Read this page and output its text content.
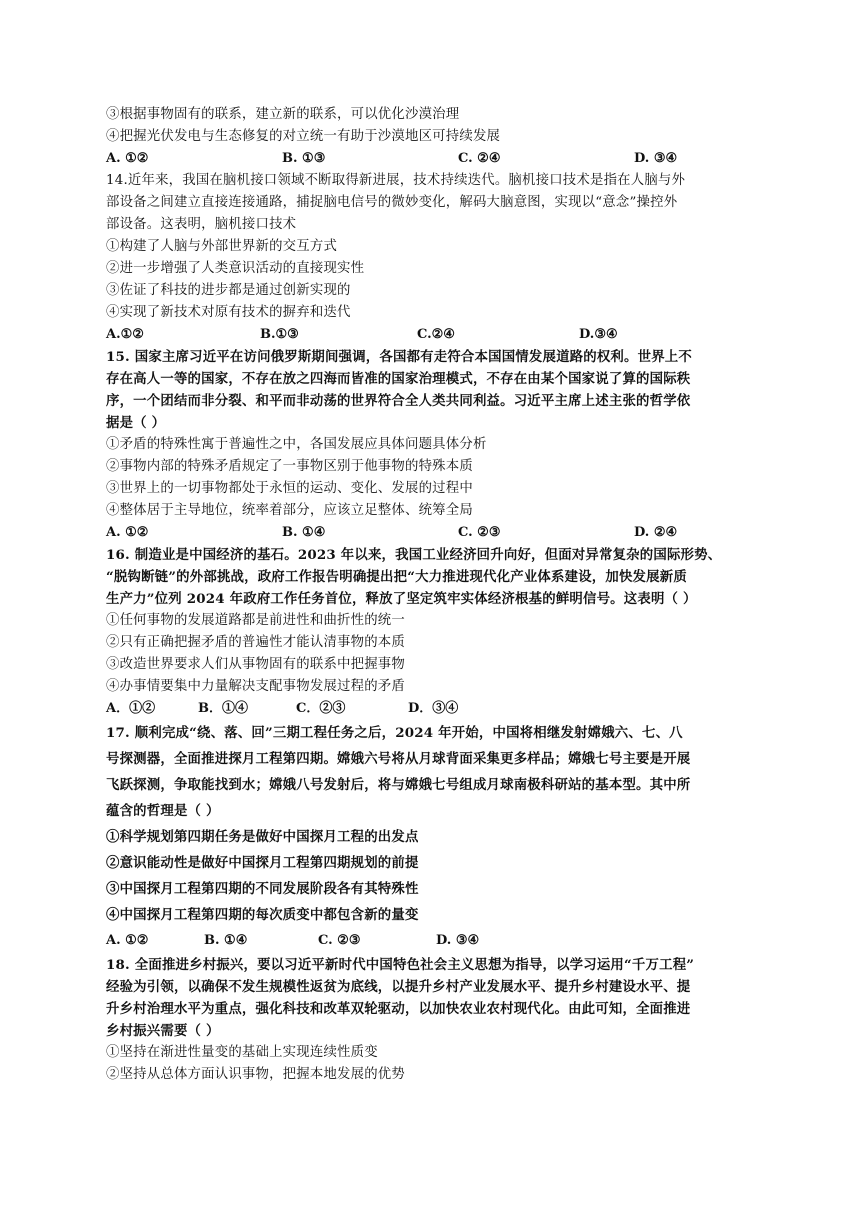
③根据事物固有的联系，建立新的联系，可以优化沙漠治理
④把握光伏发电与生态修复的对立统一有助于沙漠地区可持续发展
A. ①②	B. ①③	C. ②④	D. ③④
14.近年来，我国在脑机接口领域不断取得新进展，技术持续迭代。脑机接口技术是指在人脑与外
部设备之间建立直接连接通路，捕捉脑电信号的微妙变化，解码大脑意图，实现以“意念”操控外
部设备。这表明，脑机接口技术
①构建了人脑与外部世界新的交互方式
②进一步增强了人类意识活动的直接现实性
③佐证了科技的进步都是通过创新实现的
④实现了新技术对原有技术的摒弃和迭代
A.①②	B.①③	C.②④	D.③④
15. 国家主席习近平在访问俄罗斯期间强调，各国都有走符合本国国情发展道路的权利。世界上不
存在高人一等的国家，不存在放之四海而皆准的国家治理模式，不存在由某个国家说了算的国际秩
序，一个团结而非分裂、和平而非动荡的世界符合全人类共同利益。习近平主席上述主张的哲学依
据是（ ）
①矛盾的特殊性寓于普遍性之中，各国发展应具体问题具体分析
②事物内部的特殊矛盾规定了一事物区别于他事物的特殊本质
③世界上的一切事物都处于永恒的运动、变化、发展的过程中
④整体居于主导地位，统率着部分，应该立足整体、统筹全局
A. ①②	B. ①④	C. ②③	D. ②④
16. 制造业是中国经济的基石。2023 年以来，我国工业经济回升向好，但面对异常复杂的国际形势、
“脱钩断链”的外部挑战，政府工作报告明确提出把“大力推进现代化产业体系建设，加快发展新质
生产力”位列 2024 年政府工作任务首位，释放了坚定筑牢实体经济根基的鲜明信号。这表明（ ）
①任何事物的发展道路都是前进性和曲折性的统一
②只有正确把握矛盾的普遍性才能认清事物的本质
③改造世界要求人们从事物固有的联系中把握事物
④办事情要集中力量解决支配事物发展过程的矛盾
A．①②	B．①④	C．②③	D．③④
17. 顺利完成“绕、落、回”三期工程任务之后，2024 年开始，中国将相继发射嫦娥六、七、八
号探测器，全面推进探月工程第四期。嫦娥六号将从月球背面采集更多样品；嫦娥七号主要是开展
飞跃探测，争取能找到水；嫦娥八号发射后，将与嫦娥七号组成月球南极科研站的基本型。其中所
蕴含的哲理是（ ）
①科学规划第四期任务是做好中国探月工程的出发点
②意识能动性是做好中国探月工程第四期规划的前提
③中国探月工程第四期的不同发展阶段各有其特殊性
④中国探月工程第四期的每次质变中都包含新的量变
A. ①②	B. ①④	C. ②③	D. ③④
18. 全面推进乡村振兴，要以习近平新时代中国特色社会主义思想为指导，以学习运用“千万工程”
经验为引领，以确保不发生规模性返贫为底线，以提升乡村产业发展水平、提升乡村建设水平、提
升乡村治理水平为重点，强化科技和改革双轮驱动，以加快农业农村现代化。由此可知，全面推进
乡村振兴需要（ ）
①坚持在渐进性量变的基础上实现连续性质变
②坚持从总体方面认识事物，把握本地发展的优势
